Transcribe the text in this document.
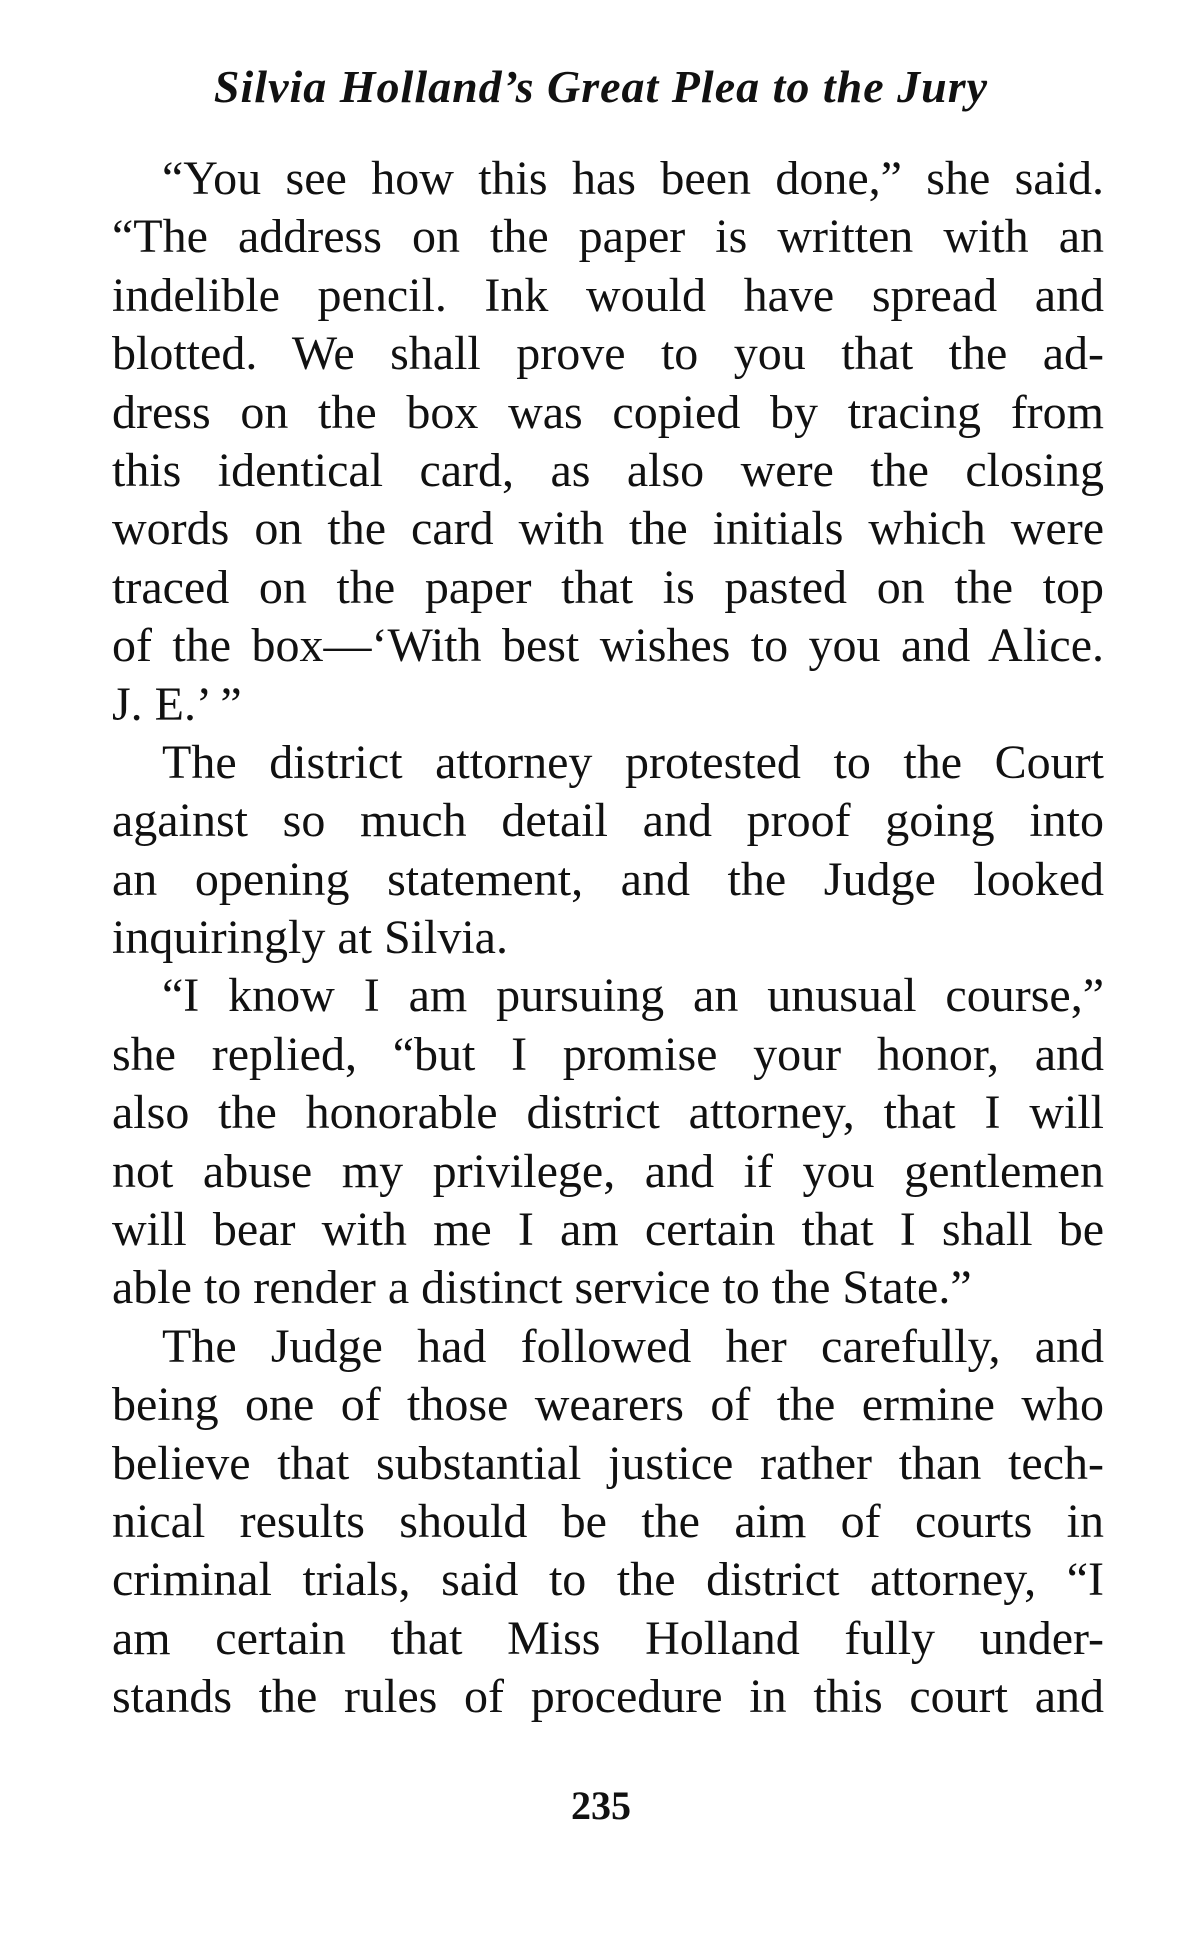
Silvia Holland’s Great Plea to the Jury
“You see how this has been done,” she said.
“The address on the paper is written with an
indelible pencil. Ink would have spread and
blotted. We shall prove to you that the ad-
dress on the box was copied by tracing from
this identical card, as also were the closing
words on the card with the initials which were
traced on the paper that is pasted on the top
of the box—‘With best wishes to you and Alice.
J. E.’ ”
The district attorney protested to the Court
against so much detail and proof going into
an opening statement, and the Judge looked
inquiringly at Silvia.
“I know I am pursuing an unusual course,”
she replied, “but I promise your honor, and
also the honorable district attorney, that I will
not abuse my privilege, and if you gentlemen
will bear with me I am certain that I shall be
able to render a distinct service to the State.”
The Judge had followed her carefully, and
being one of those wearers of the ermine who
believe that substantial justice rather than tech-
nical results should be the aim of courts in
criminal trials, said to the district attorney, “I
am certain that Miss Holland fully under-
stands the rules of procedure in this court and
235
